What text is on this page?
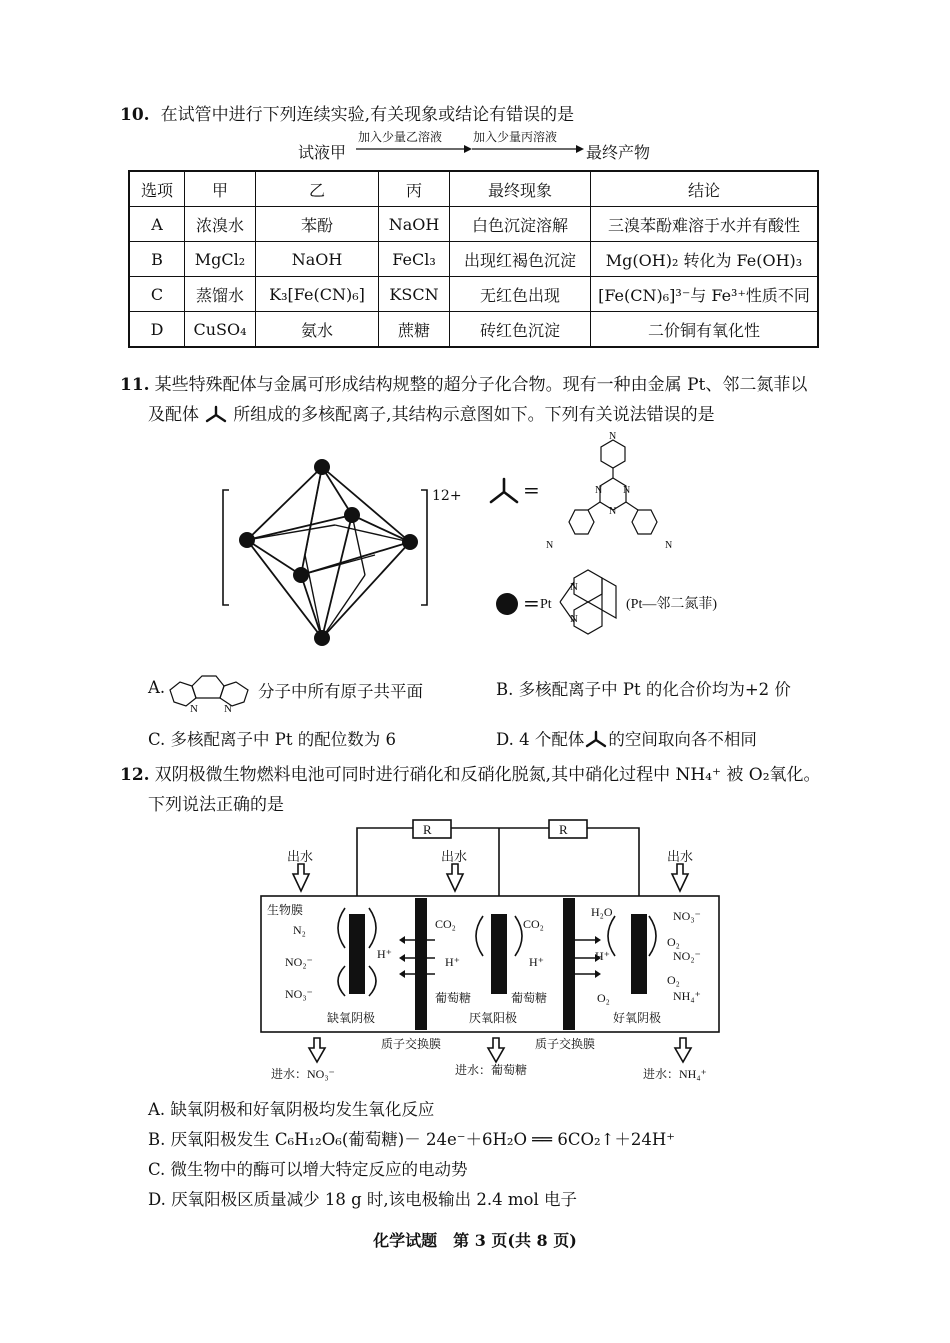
10. 在试管中进行下列连续实验,有关现象或结论有错误的是
试液甲
加入少量乙溶液	加入少量丙溶液
最终产物
选项	甲	乙	丙	最终现象	结论
A	浓溴水	苯酚	NaOH	白色沉淀溶解	三溴苯酚难溶于水并有酸性
B	MgCl₂	NaOH	FeCl₃	出现红褐色沉淀	Mg(OH)₂ 转化为 Fe(OH)₃
C	蒸馏水	K₃[Fe(CN)₆]	KSCN	无红色出现	[Fe(CN)₆]³⁻与 Fe³⁺性质不同
D	CuSO₄	氨水	蔗糖	砖红色沉淀	二价铜有氧化性
11. 某些特殊配体与金属可形成结构规整的超分子化合物。现有一种由金属 Pt、邻二氮菲以
及配体 所组成的多核配离子,其结构示意图如下。下列有关说法错误的是
12+	=
N
N N
N
N	N
= Pt
N
N
(Pt—邻二氮菲)
A.
N N
分子中所有原子共平面	B. 多核配离子中 Pt 的化合价均为+2 价
C. 多核配离子中 Pt 的配位数为 6	D. 4 个配体 的空间取向各不相同
12. 双阴极微生物燃料电池可同时进行硝化和反硝化脱氮,其中硝化过程中 NH₄⁺ 被 O₂氧化。
下列说法正确的是
R	R
出水	出水	出水
生物膜
N₂
NO₂⁻
NO₃⁻
H⁺
CO₂	CO₂
H⁺	H⁺
葡萄糖	葡萄糖
H₂O
H⁺
O₂
NO₃⁻
O₂
NO₂⁻
O₂
NH₄⁺
缺氧阴极	厌氧阳极	好氧阴极
质子交换膜	质子交换膜
进水：NO₃⁻	进水：葡萄糖	进水：NH₄⁺
A. 缺氧阴极和好氧阴极均发生氧化反应
B. 厌氧阳极发生 C₆H₁₂O₆(葡萄糖)－ 24e⁻＋6H₂O ══ 6CO₂↑＋24H⁺
C. 微生物中的酶可以增大特定反应的电动势
D. 厌氧阳极区质量减少 18 g 时,该电极输出 2.4 mol 电子
化学试题　第 3 页(共 8 页)
